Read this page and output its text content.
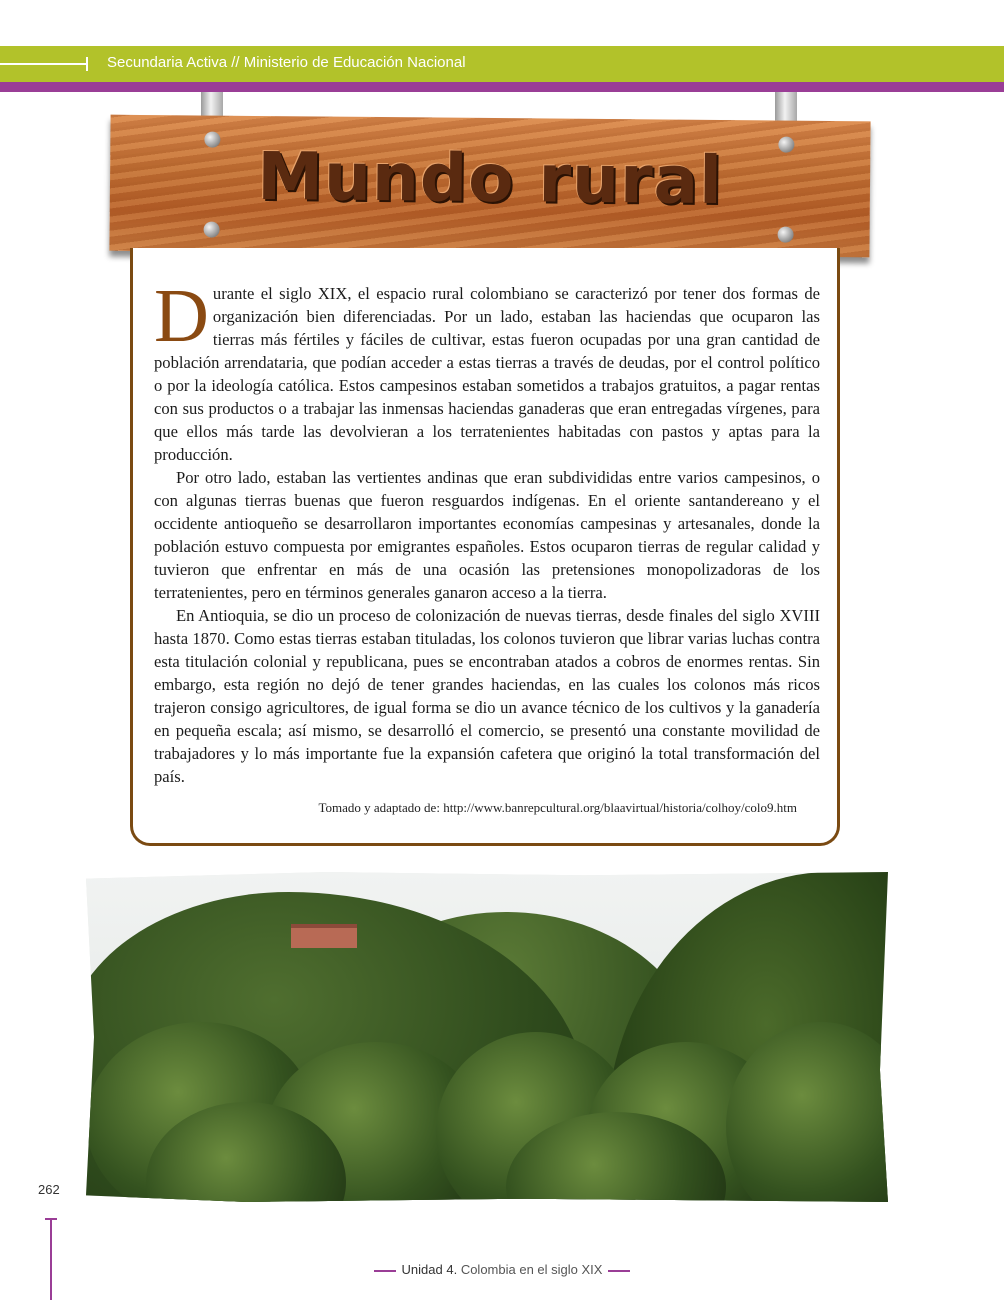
Secundaria Activa // Ministerio de Educación Nacional
Mundo rural

Durante el siglo XIX, el espacio rural colombiano se caracterizó por tener dos formas de organización bien diferenciadas. Por un lado, estaban las haciendas que ocuparon las tierras más fértiles y fáciles de cultivar, estas fueron ocupadas por una gran cantidad de población arrendataria, que podían acceder a estas tierras a través de deudas, por el control político o por la ideología católica. Estos campesinos estaban sometidos a trabajos gratuitos, a pagar rentas con sus productos o a trabajar las inmensas haciendas ganaderas que eran entregadas vírgenes, para que ellos más tarde las devolvieran a los terratenientes habitadas con pastos y aptas para la producción.

Por otro lado, estaban las vertientes andinas que eran subdivididas entre varios campesinos, o con algunas tierras buenas que fueron resguardos indígenas. En el oriente santandereano y el occidente antioqueño se desarrollaron importantes economías campesinas y artesanales, donde la población estuvo compuesta por emigrantes españoles. Estos ocuparon tierras de regular calidad y tuvieron que enfrentar en más de una ocasión las pretensiones monopolizadoras de los terratenientes, pero en términos generales ganaron acceso a la tierra.

En Antioquia, se dio un proceso de colonización de nuevas tierras, desde finales del siglo XVIII hasta 1870. Como estas tierras estaban tituladas, los colonos tuvieron que librar varias luchas contra esta titulación colonial y republicana, pues se encontraban atados a cobros de enormes rentas. Sin embargo, esta región no dejó de tener grandes haciendas, en las cuales los colonos más ricos trajeron consigo agricultores, de igual forma se dio un avance técnico de los cultivos y la ganadería en pequeña escala; así mismo, se desarrolló el comercio, se presentó una constante movilidad de trabajadores y lo más importante fue la expansión cafetera que originó la total transformación del país.

Tomado y adaptado de: http://www.banrepcultural.org/blaavirtual/historia/colhoy/colo9.htm
262
Unidad 4. Colombia en el siglo XIX
